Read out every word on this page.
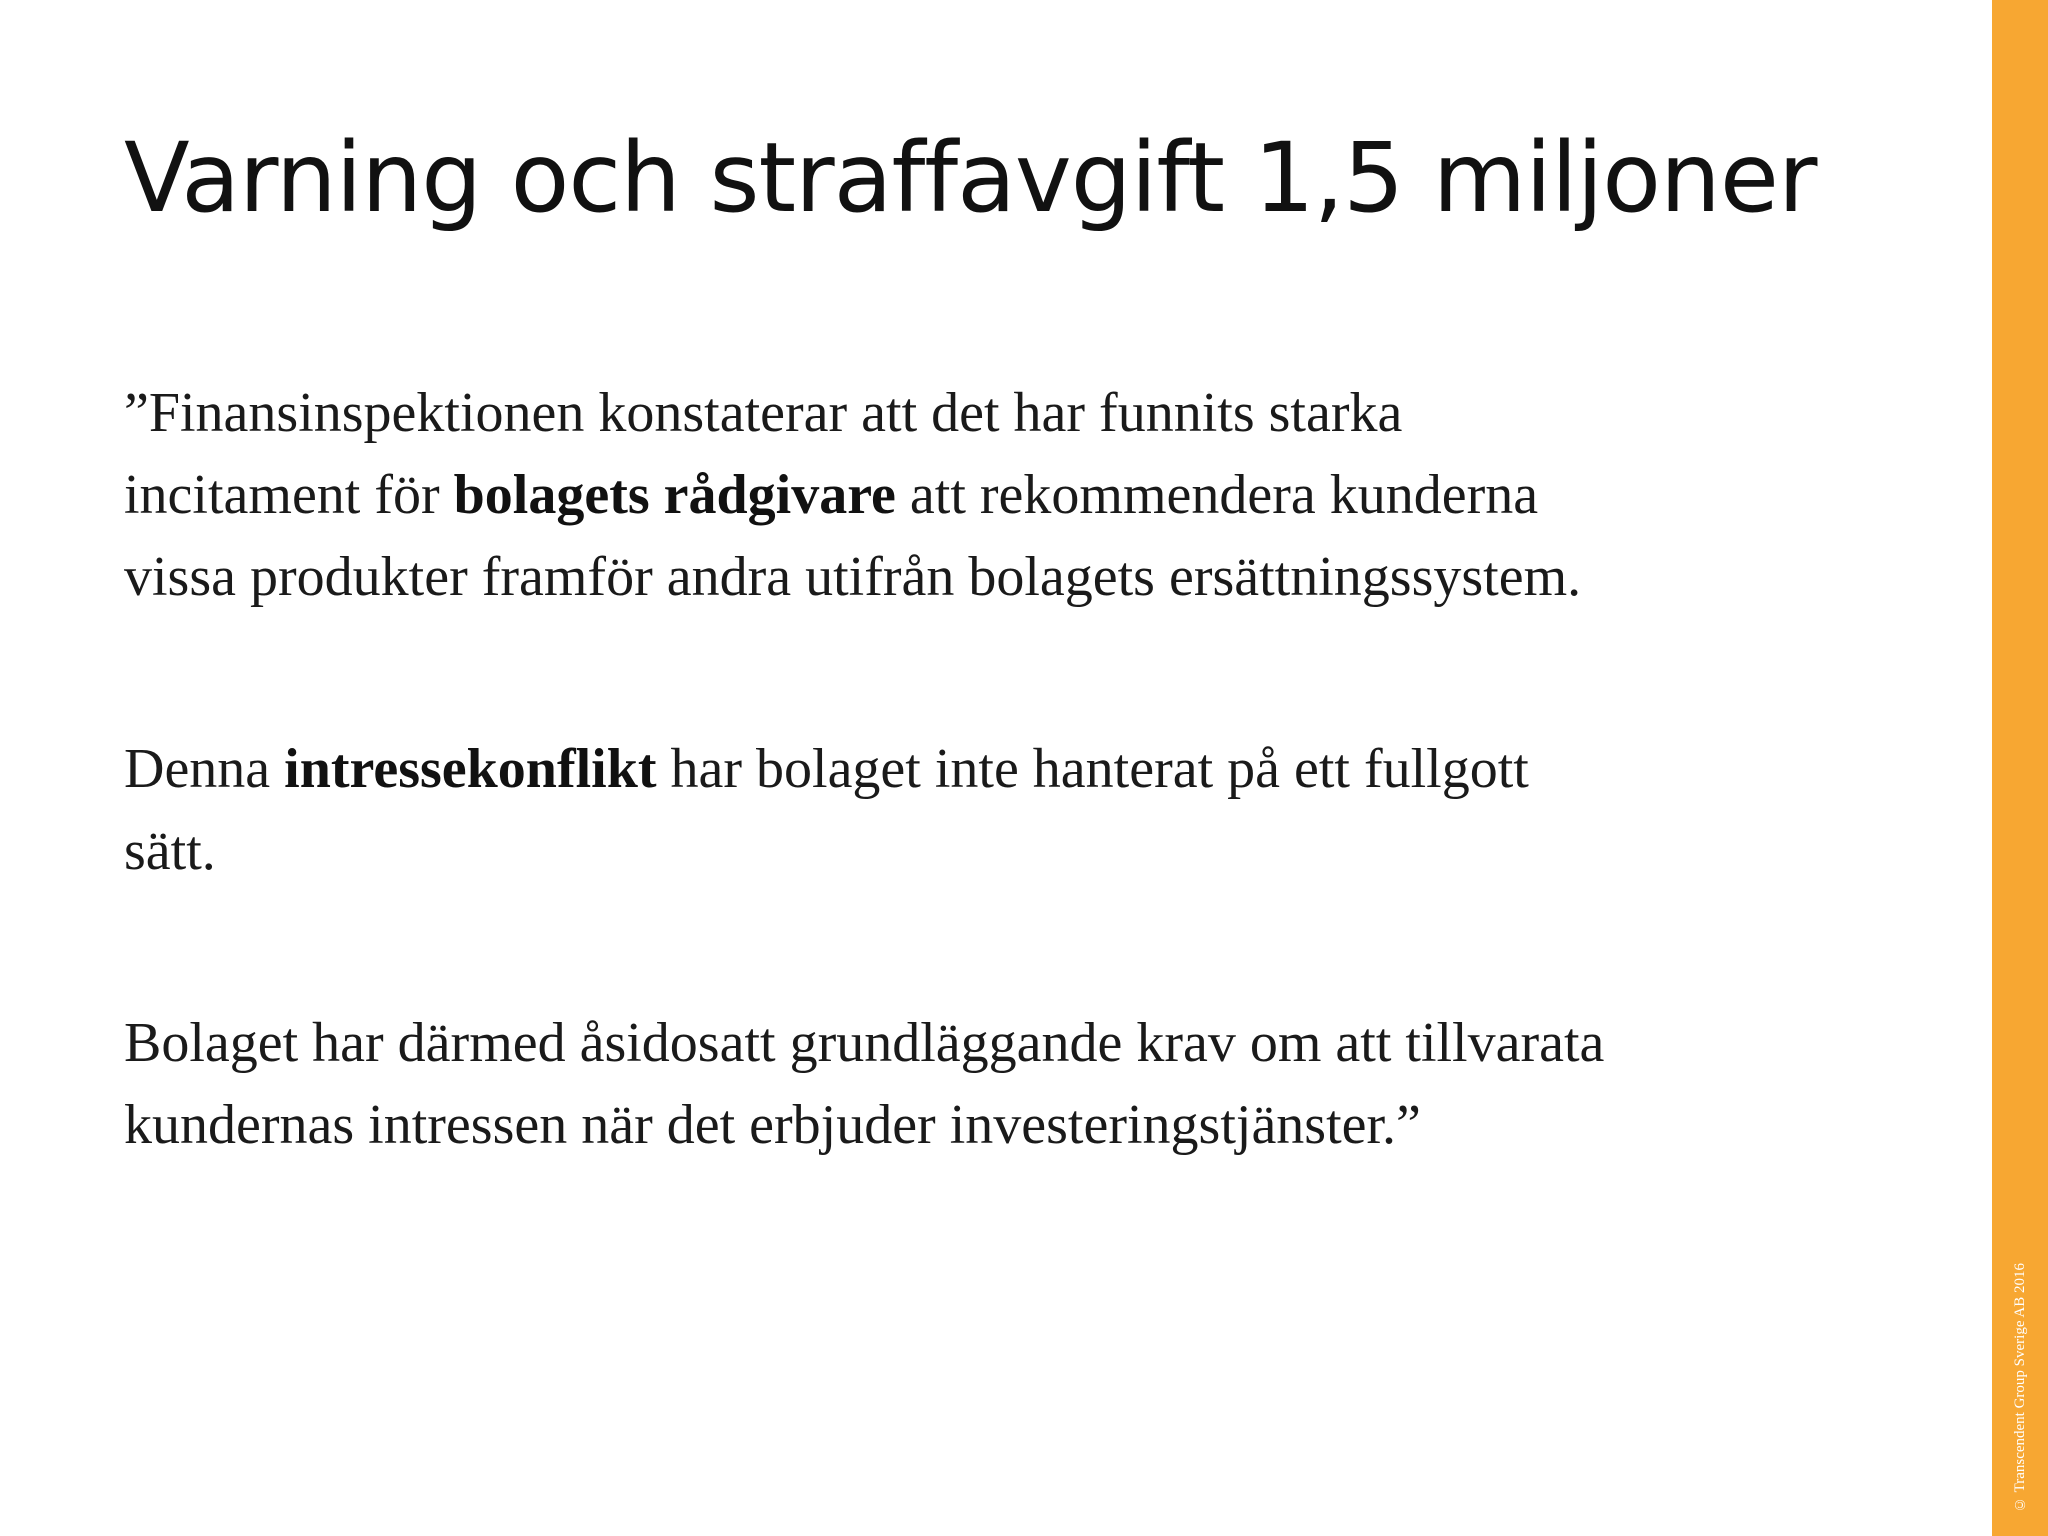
Varning och straffavgift 1,5 miljoner

”Finansinspektionen konstaterar att det har funnits starka
incitament för bolagets rådgivare att rekommendera kunderna
vissa produkter framför andra utifrån bolagets ersättningssystem.

Denna intressekonflikt har bolaget inte hanterat på ett fullgott
sätt.

Bolaget har därmed åsidosatt grundläggande krav om att tillvarata
kundernas intressen när det erbjuder investeringstjänster.”

© Transcendent Group Sverige AB 2016
